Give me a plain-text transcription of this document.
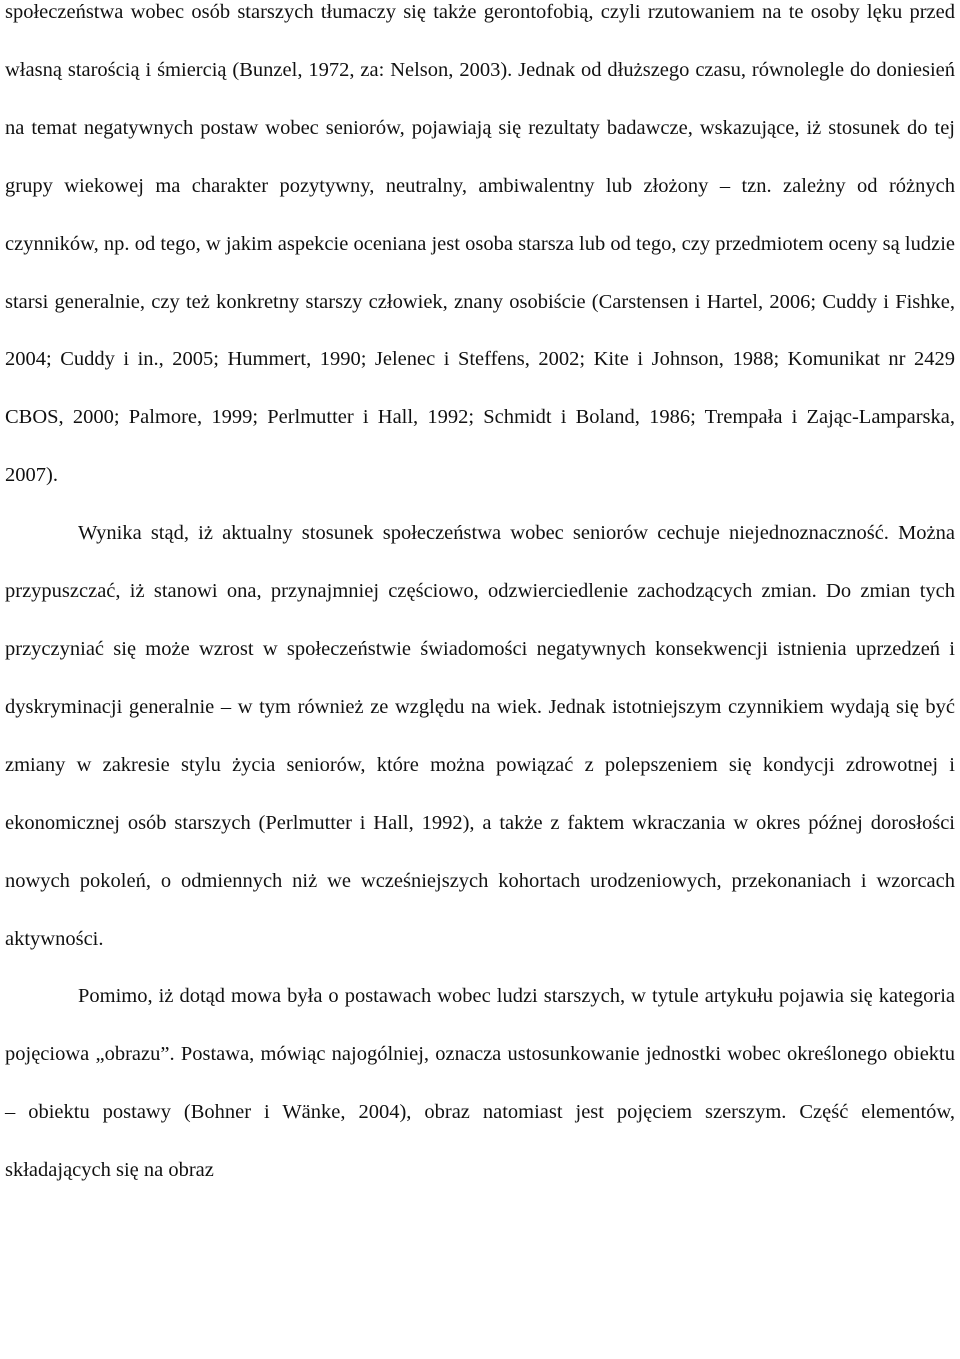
społeczeństwa wobec osób starszych tłumaczy się także gerontofobią, czyli rzutowaniem na te osoby lęku przed własną starością i śmiercią (Bunzel, 1972, za: Nelson, 2003). Jednak od dłuższego czasu, równolegle do doniesień na temat negatywnych postaw wobec seniorów, pojawiają się rezultaty badawcze, wskazujące, iż stosunek do tej grupy wiekowej ma charakter pozytywny, neutralny, ambiwalentny lub złożony – tzn. zależny od różnych czynników, np. od tego, w jakim aspekcie oceniana jest osoba starsza lub od tego, czy przedmiotem oceny są ludzie starsi generalnie, czy też konkretny starszy człowiek, znany osobiście (Carstensen i Hartel, 2006; Cuddy i Fishke, 2004; Cuddy i in., 2005; Hummert, 1990; Jelenec i Steffens, 2002; Kite i Johnson, 1988; Komunikat nr 2429 CBOS, 2000; Palmore, 1999; Perlmutter i Hall, 1992; Schmidt i Boland, 1986; Trempała i Zając-Lamparska, 2007).

Wynika stąd, iż aktualny stosunek społeczeństwa wobec seniorów cechuje niejednoznaczność. Można przypuszczać, iż stanowi ona, przynajmniej częściowo, odzwierciedlenie zachodzących zmian. Do zmian tych przyczyniać się może wzrost w społeczeństwie świadomości negatywnych konsekwencji istnienia uprzedzeń i dyskryminacji generalnie – w tym również ze względu na wiek. Jednak istotniejszym czynnikiem wydają się być zmiany w zakresie stylu życia seniorów, które można powiązać z polepszeniem się kondycji zdrowotnej i ekonomicznej osób starszych (Perlmutter i Hall, 1992), a także z faktem wkraczania w okres późnej dorosłości nowych pokoleń, o odmiennych niż we wcześniejszych kohortach urodzeniowych, przekonaniach i wzorcach aktywności.

Pomimo, iż dotąd mowa była o postawach wobec ludzi starszych, w tytule artykułu pojawia się kategoria pojęciowa „obrazu”. Postawa, mówiąc najogólniej, oznacza ustosunkowanie jednostki wobec określonego obiektu – obiektu postawy (Bohner i Wänke, 2004), obraz natomiast jest pojęciem szerszym. Część elementów, składających się na obraz
